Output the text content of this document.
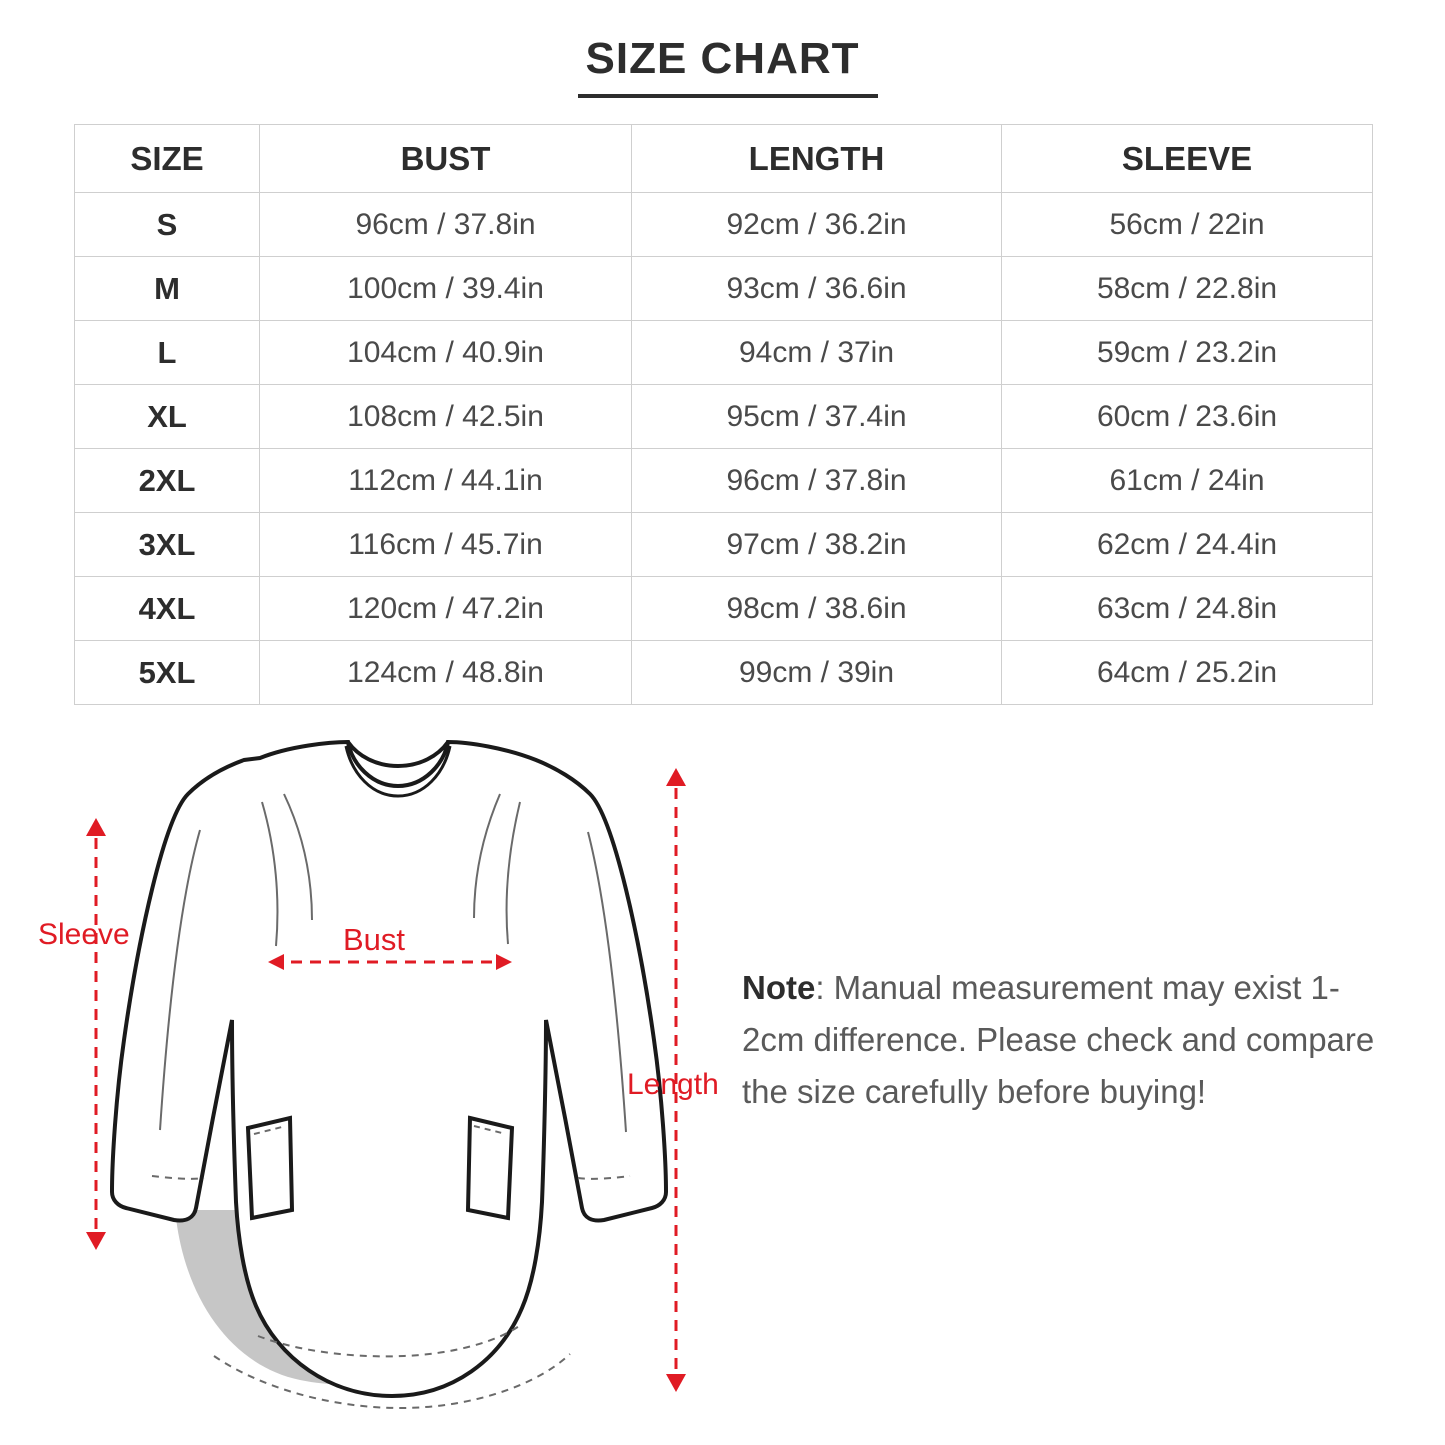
SIZE CHART
SIZE	BUST	LENGTH	SLEEVE
S	96cm / 37.8in	92cm / 36.2in	56cm / 22in
M	100cm / 39.4in	93cm / 36.6in	58cm / 22.8in
L	104cm / 40.9in	94cm / 37in	59cm / 23.2in
XL	108cm / 42.5in	95cm / 37.4in	60cm / 23.6in
2XL	112cm / 44.1in	96cm / 37.8in	61cm / 24in
3XL	116cm / 45.7in	97cm / 38.2in	62cm / 24.4in
4XL	120cm / 47.2in	98cm / 38.6in	63cm / 24.8in
5XL	124cm / 48.8in	99cm / 39in	64cm / 25.2in
Sleeve	Bust
Length
Note: Manual measurement may exist 1-2cm difference. Please check and compare the size carefully before buying!
